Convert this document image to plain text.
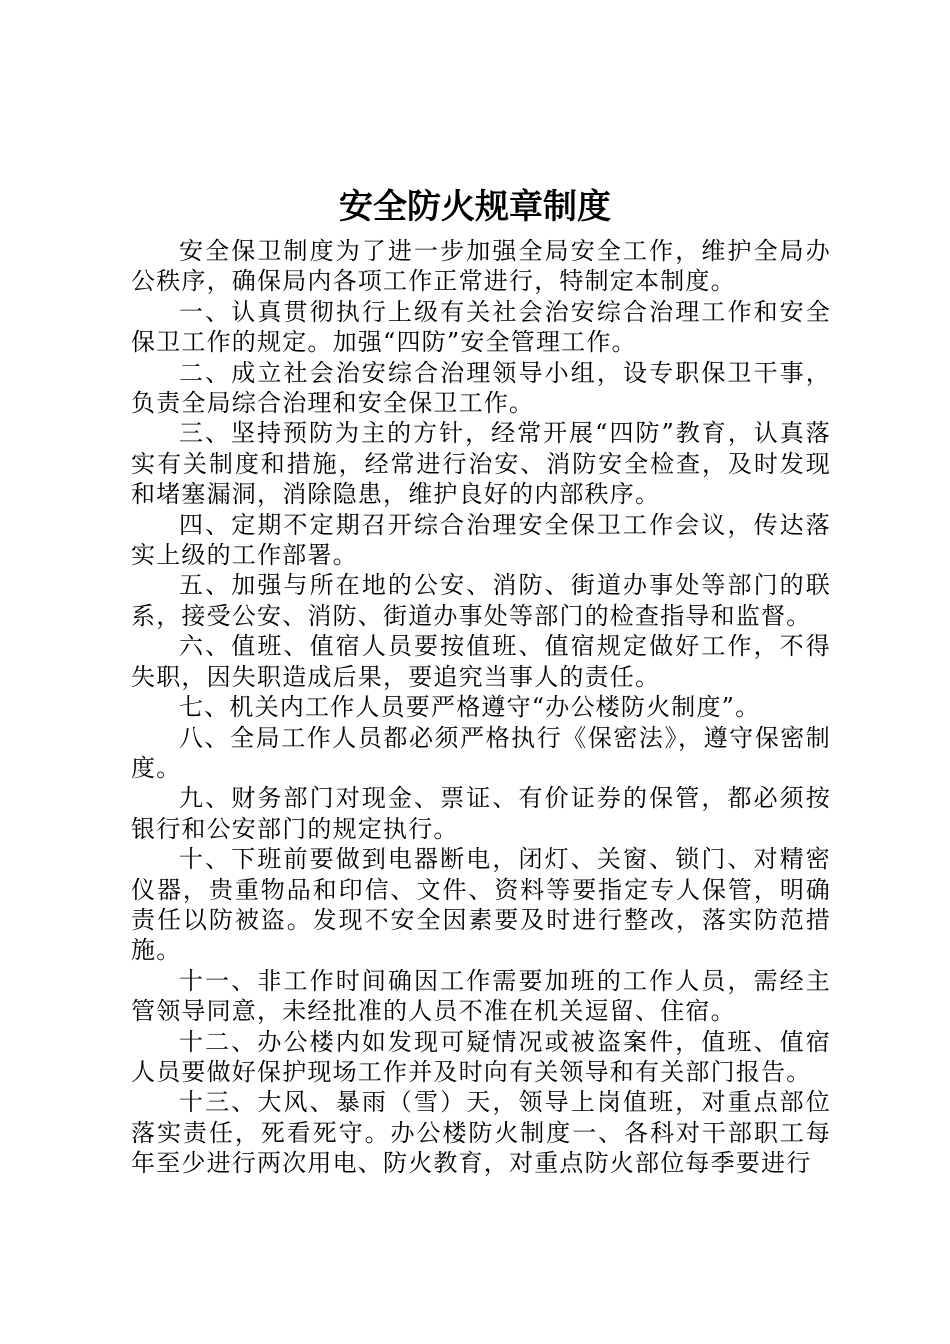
安全防火规章制度

安全保卫制度为了进一步加强全局安全工作，维护全局办公秩序，确保局内各项工作正常进行，特制定本制度。

一、认真贯彻执行上级有关社会治安综合治理工作和安全保卫工作的规定。加强“四防”安全管理工作。

二、成立社会治安综合治理领导小组，设专职保卫干事，负责全局综合治理和安全保卫工作。

三、坚持预防为主的方针，经常开展“四防”教育，认真落实有关制度和措施，经常进行治安、消防安全检查，及时发现和堵塞漏洞，消除隐患，维护良好的内部秩序。

四、定期不定期召开综合治理安全保卫工作会议，传达落实上级的工作部署。

五、加强与所在地的公安、消防、街道办事处等部门的联系，接受公安、消防、街道办事处等部门的检查指导和监督。

六、值班、值宿人员要按值班、值宿规定做好工作，不得失职，因失职造成后果，要追究当事人的责任。

七、机关内工作人员要严格遵守“办公楼防火制度”。

八、全局工作人员都必须严格执行《保密法》，遵守保密制度。

九、财务部门对现金、票证、有价证券的保管，都必须按银行和公安部门的规定执行。

十、下班前要做到电器断电，闭灯、关窗、锁门、对精密仪器，贵重物品和印信、文件、资料等要指定专人保管，明确责任以防被盗。发现不安全因素要及时进行整改，落实防范措施。

十一、非工作时间确因工作需要加班的工作人员，需经主管领导同意，未经批准的人员不准在机关逗留、住宿。

十二、办公楼内如发现可疑情况或被盗案件，值班、值宿人员要做好保护现场工作并及时向有关领导和有关部门报告。

十三、大风、暴雨（雪）天，领导上岗值班，对重点部位落实责任，死看死守。办公楼防火制度一、各科对干部职工每年至少进行两次用电、防火教育，对重点防火部位每季要进行
